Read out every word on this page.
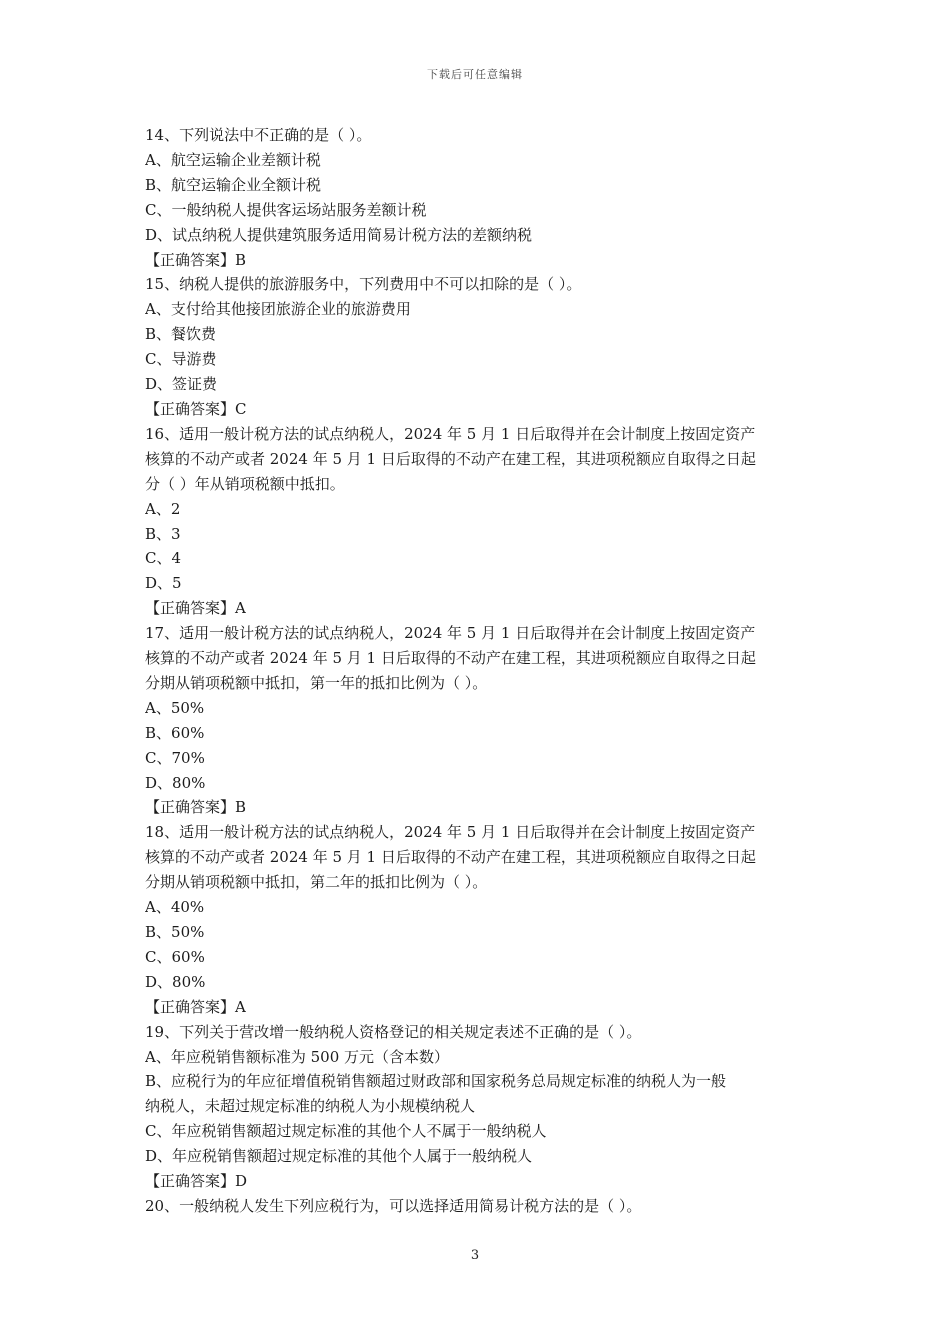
下载后可任意编辑
14、下列说法中不正确的是（ ）。
A、航空运输企业差额计税
B、航空运输企业全额计税
C、一般纳税人提供客运场站服务差额计税
D、试点纳税人提供建筑服务适用简易计税方法的差额纳税
【正确答案】B
15、纳税人提供的旅游服务中，下列费用中不可以扣除的是（ ）。
A、支付给其他接团旅游企业的旅游费用
B、餐饮费
C、导游费
D、签证费
【正确答案】C
16、适用一般计税方法的试点纳税人，2024 年 5 月 1 日后取得并在会计制度上按固定资产
核算的不动产或者 2024 年 5 月 1 日后取得的不动产在建工程，其进项税额应自取得之日起
分（ ）年从销项税额中抵扣。
A、2
B、3
C、4
D、5
【正确答案】A
17、适用一般计税方法的试点纳税人，2024 年 5 月 1 日后取得并在会计制度上按固定资产
核算的不动产或者 2024 年 5 月 1 日后取得的不动产在建工程，其进项税额应自取得之日起
分期从销项税额中抵扣，第一年的抵扣比例为（ ）。
A、50%
B、60%
C、70%
D、80%
【正确答案】B
18、适用一般计税方法的试点纳税人，2024 年 5 月 1 日后取得并在会计制度上按固定资产
核算的不动产或者 2024 年 5 月 1 日后取得的不动产在建工程，其进项税额应自取得之日起
分期从销项税额中抵扣，第二年的抵扣比例为（ ）。
A、40%
B、50%
C、60%
D、80%
【正确答案】A
19、下列关于营改增一般纳税人资格登记的相关规定表述不正确的是（ ）。
A、年应税销售额标准为 500 万元（含本数）
B、应税行为的年应征增值税销售额超过财政部和国家税务总局规定标准的纳税人为一般
纳税人，未超过规定标准的纳税人为小规模纳税人
C、年应税销售额超过规定标准的其他个人不属于一般纳税人
D、年应税销售额超过规定标准的其他个人属于一般纳税人
【正确答案】D
20、一般纳税人发生下列应税行为，可以选择适用简易计税方法的是（ ）。
3
